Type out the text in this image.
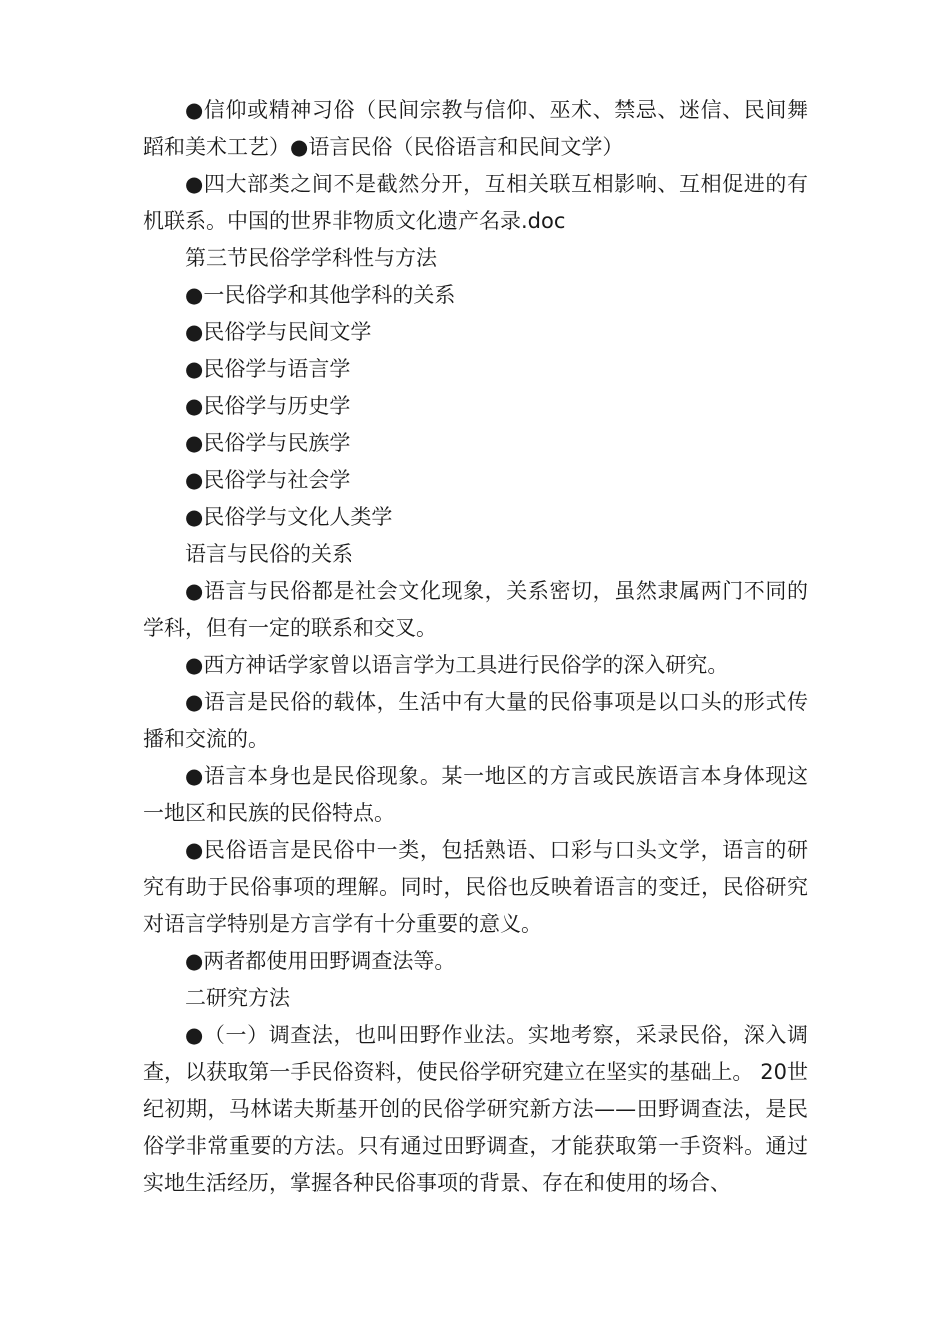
●信仰或精神习俗（民间宗教与信仰、巫术、禁忌、迷信、民间舞蹈和美术工艺）●语言民俗（民俗语言和民间文学）

●四大部类之间不是截然分开，互相关联互相影响、互相促进的有机联系。中国的世界非物质文化遗产名录.doc

第三节民俗学学科性与方法

●一民俗学和其他学科的关系

●民俗学与民间文学

●民俗学与语言学

●民俗学与历史学

●民俗学与民族学

●民俗学与社会学

●民俗学与文化人类学

语言与民俗的关系

●语言与民俗都是社会文化现象，关系密切，虽然隶属两门不同的学科，但有一定的联系和交叉。

●西方神话学家曾以语言学为工具进行民俗学的深入研究。

●语言是民俗的载体，生活中有大量的民俗事项是以口头的形式传播和交流的。

●语言本身也是民俗现象。某一地区的方言或民族语言本身体现这一地区和民族的民俗特点。

●民俗语言是民俗中一类，包括熟语、口彩与口头文学，语言的研究有助于民俗事项的理解。同时，民俗也反映着语言的变迁，民俗研究对语言学特别是方言学有十分重要的意义。

●两者都使用田野调查法等。

二研究方法

●（一）调查法，也叫田野作业法。实地考察，采录民俗，深入调查，以获取第一手民俗资料，使民俗学研究建立在坚实的基础上。 20世纪初期，马林诺夫斯基开创的民俗学研究新方法——田野调查法，是民俗学非常重要的方法。只有通过田野调查，才能获取第一手资料。通过实地生活经历，掌握各种民俗事项的背景、存在和使用的场合、
